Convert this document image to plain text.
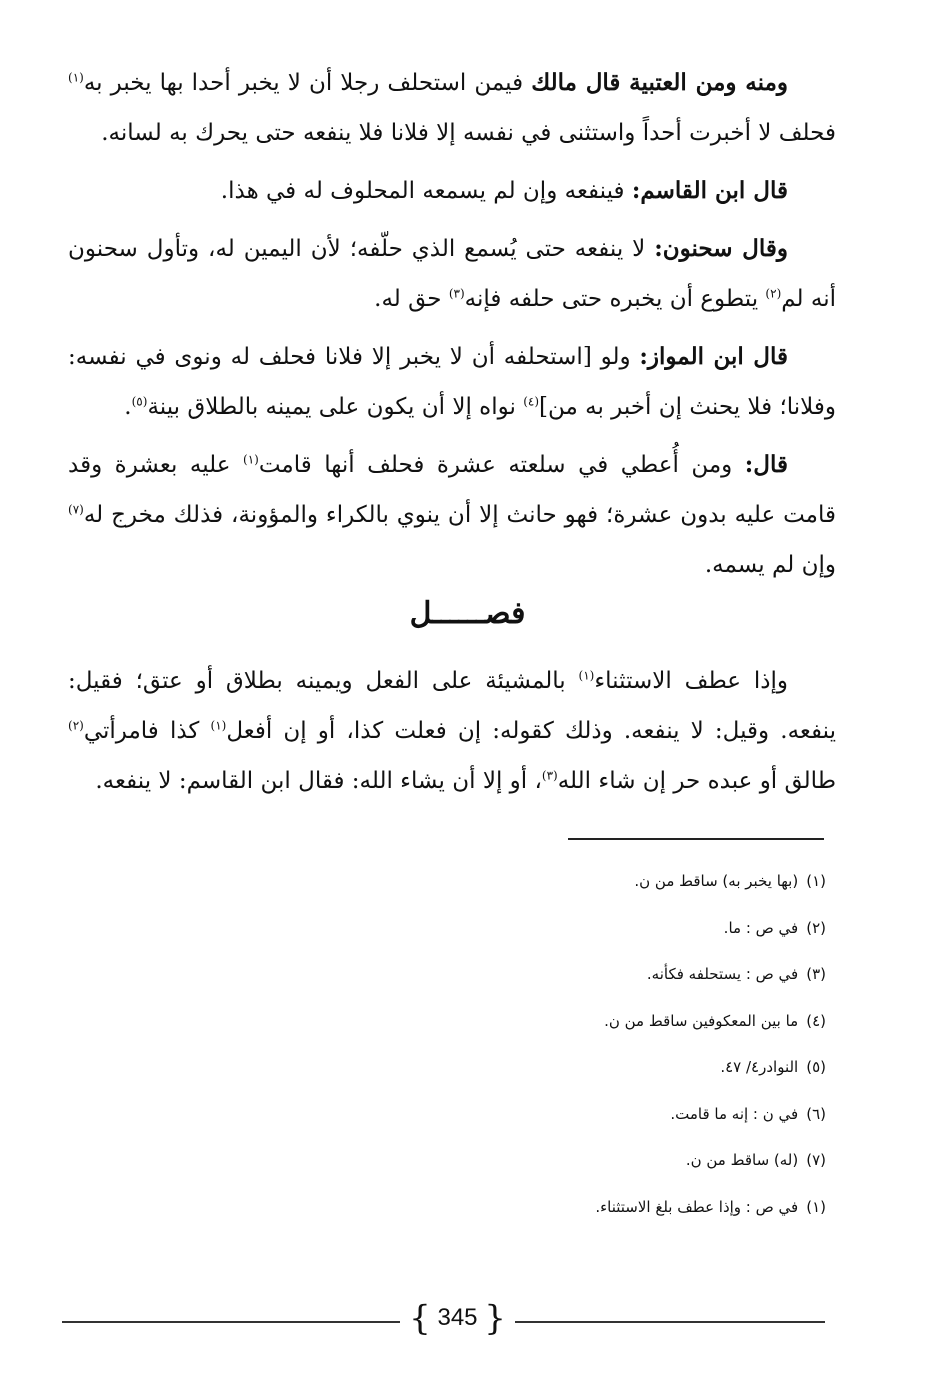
ومنه ومن العتبية قال مالك فيمن استحلف رجلا أن لا يخبر أحدا بها يخبر به$^{(١)}$ فحلف لا أخبرت أحداً واستثنى في نفسه إلا فلانا فلا ينفعه حتى يحرك به لسانه.

قال ابن القاسم: فينفعه وإن لم يسمعه المحلوف له في هذا.

وقال سحنون: لا ينفعه حتى يُسمع الذي حلّفه؛ لأن اليمين له، وتأول سحنون أنه لم$^{(٢)}$ يتطوع أن يخبره حتى حلفه فإنه$^{(٣)}$ حق له.

قال ابن المواز: ولو [استحلفه أن لا يخبر إلا فلانا فحلف له ونوى في نفسه: وفلانا؛ فلا يحنث إن أخبر به من]$^{(٤)}$ نواه إلا أن يكون على يمينه بالطلاق بينة$^{(٥)}$.

قال: ومن أُعطي في سلعته عشرة فحلف أنها قامت$^{(١)}$ عليه بعشرة وقد قامت عليه بدون عشرة؛ فهو حانث إلا أن ينوي بالكراء والمؤونة، فذلك مخرج له$^{(٧)}$ وإن لم يسمه.

فصــــــل

وإذا عطف الاستثناء$^{(١)}$ بالمشيئة على الفعل ويمينه بطلاق أو عتق؛ فقيل: ينفعه. وقيل: لا ينفعه. وذلك كقوله: إن فعلت كذا، أو إن أفعل$^{(١)}$ كذا فامرأتي$^{(٢)}$ طالق أو عبده حر إن شاء الله$^{(٣)}$، أو إلا أن يشاء الله: فقال ابن القاسم: لا ينفعه.

(١)(بها يخبر به) ساقط من ن.
(٢)في ص : ما.
(٣)في ص : يستحلفه فكأنه.
(٤)ما بين المعكوفين ساقط من ن.
(٥)النوادر٤/ ٤٧.
(٦)في ن : إنه ما قامت.
(٧)(له) ساقط من ن.
(١)في ص : وإذا عطف بلغ الاستثناء.
{ 345 }
